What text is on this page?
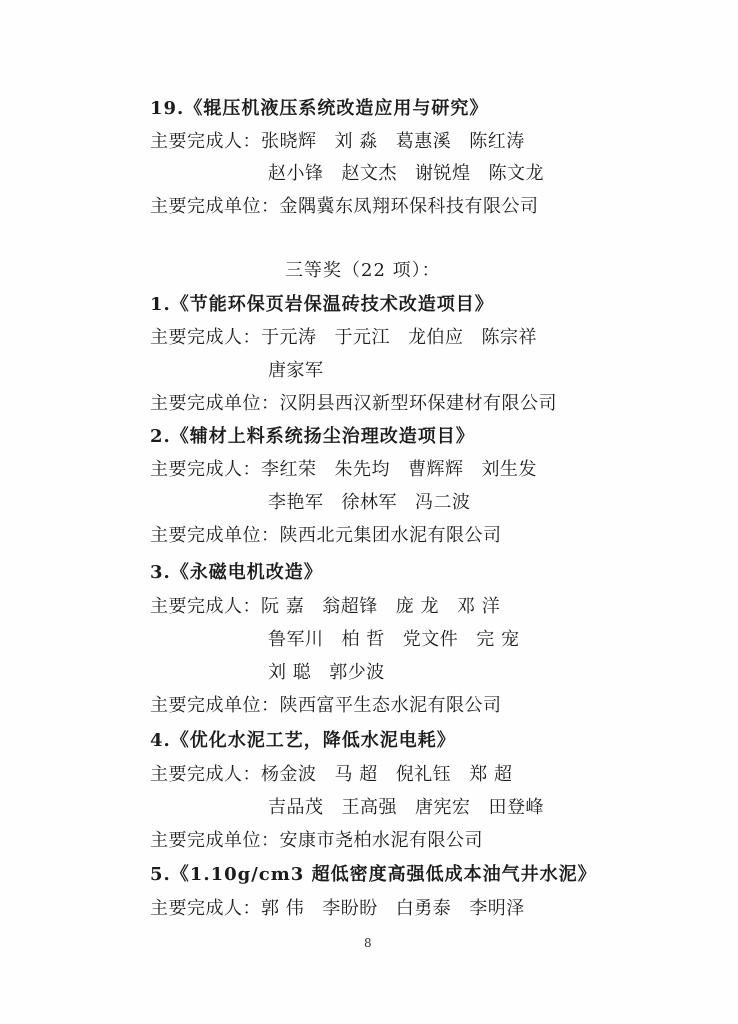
19.《辊压机液压系统改造应用与研究》
主要完成人：张晓辉 刘 淼 葛惠溪 陈红涛
赵小锋 赵文杰 谢锐煌 陈文龙
主要完成单位：金隅冀东凤翔环保科技有限公司
三等奖（22 项）：
1.《节能环保页岩保温砖技术改造项目》
主要完成人：于元涛 于元江 龙伯应 陈宗祥
唐家军
主要完成单位：汉阴县西汉新型环保建材有限公司
2.《辅材上料系统扬尘治理改造项目》
主要完成人：李红荣 朱先均 曹辉辉 刘生发
李艳军 徐林军 冯二波
主要完成单位：陕西北元集团水泥有限公司
3.《永磁电机改造》
主要完成人：阮 嘉 翁超锋 庞 龙 邓 洋
鲁军川 柏 哲 党文件 完 宠
刘 聪 郭少波
主要完成单位：陕西富平生态水泥有限公司
4.《优化水泥工艺，降低水泥电耗》
主要完成人：杨金波 马 超 倪礼钰 郑 超
吉品茂 王高强 唐宪宏 田登峰
主要完成单位：安康市尧柏水泥有限公司
5.《1.10g/cm3 超低密度高强低成本油气井水泥》
主要完成人：郭 伟 李盼盼 白勇泰 李明泽
8
